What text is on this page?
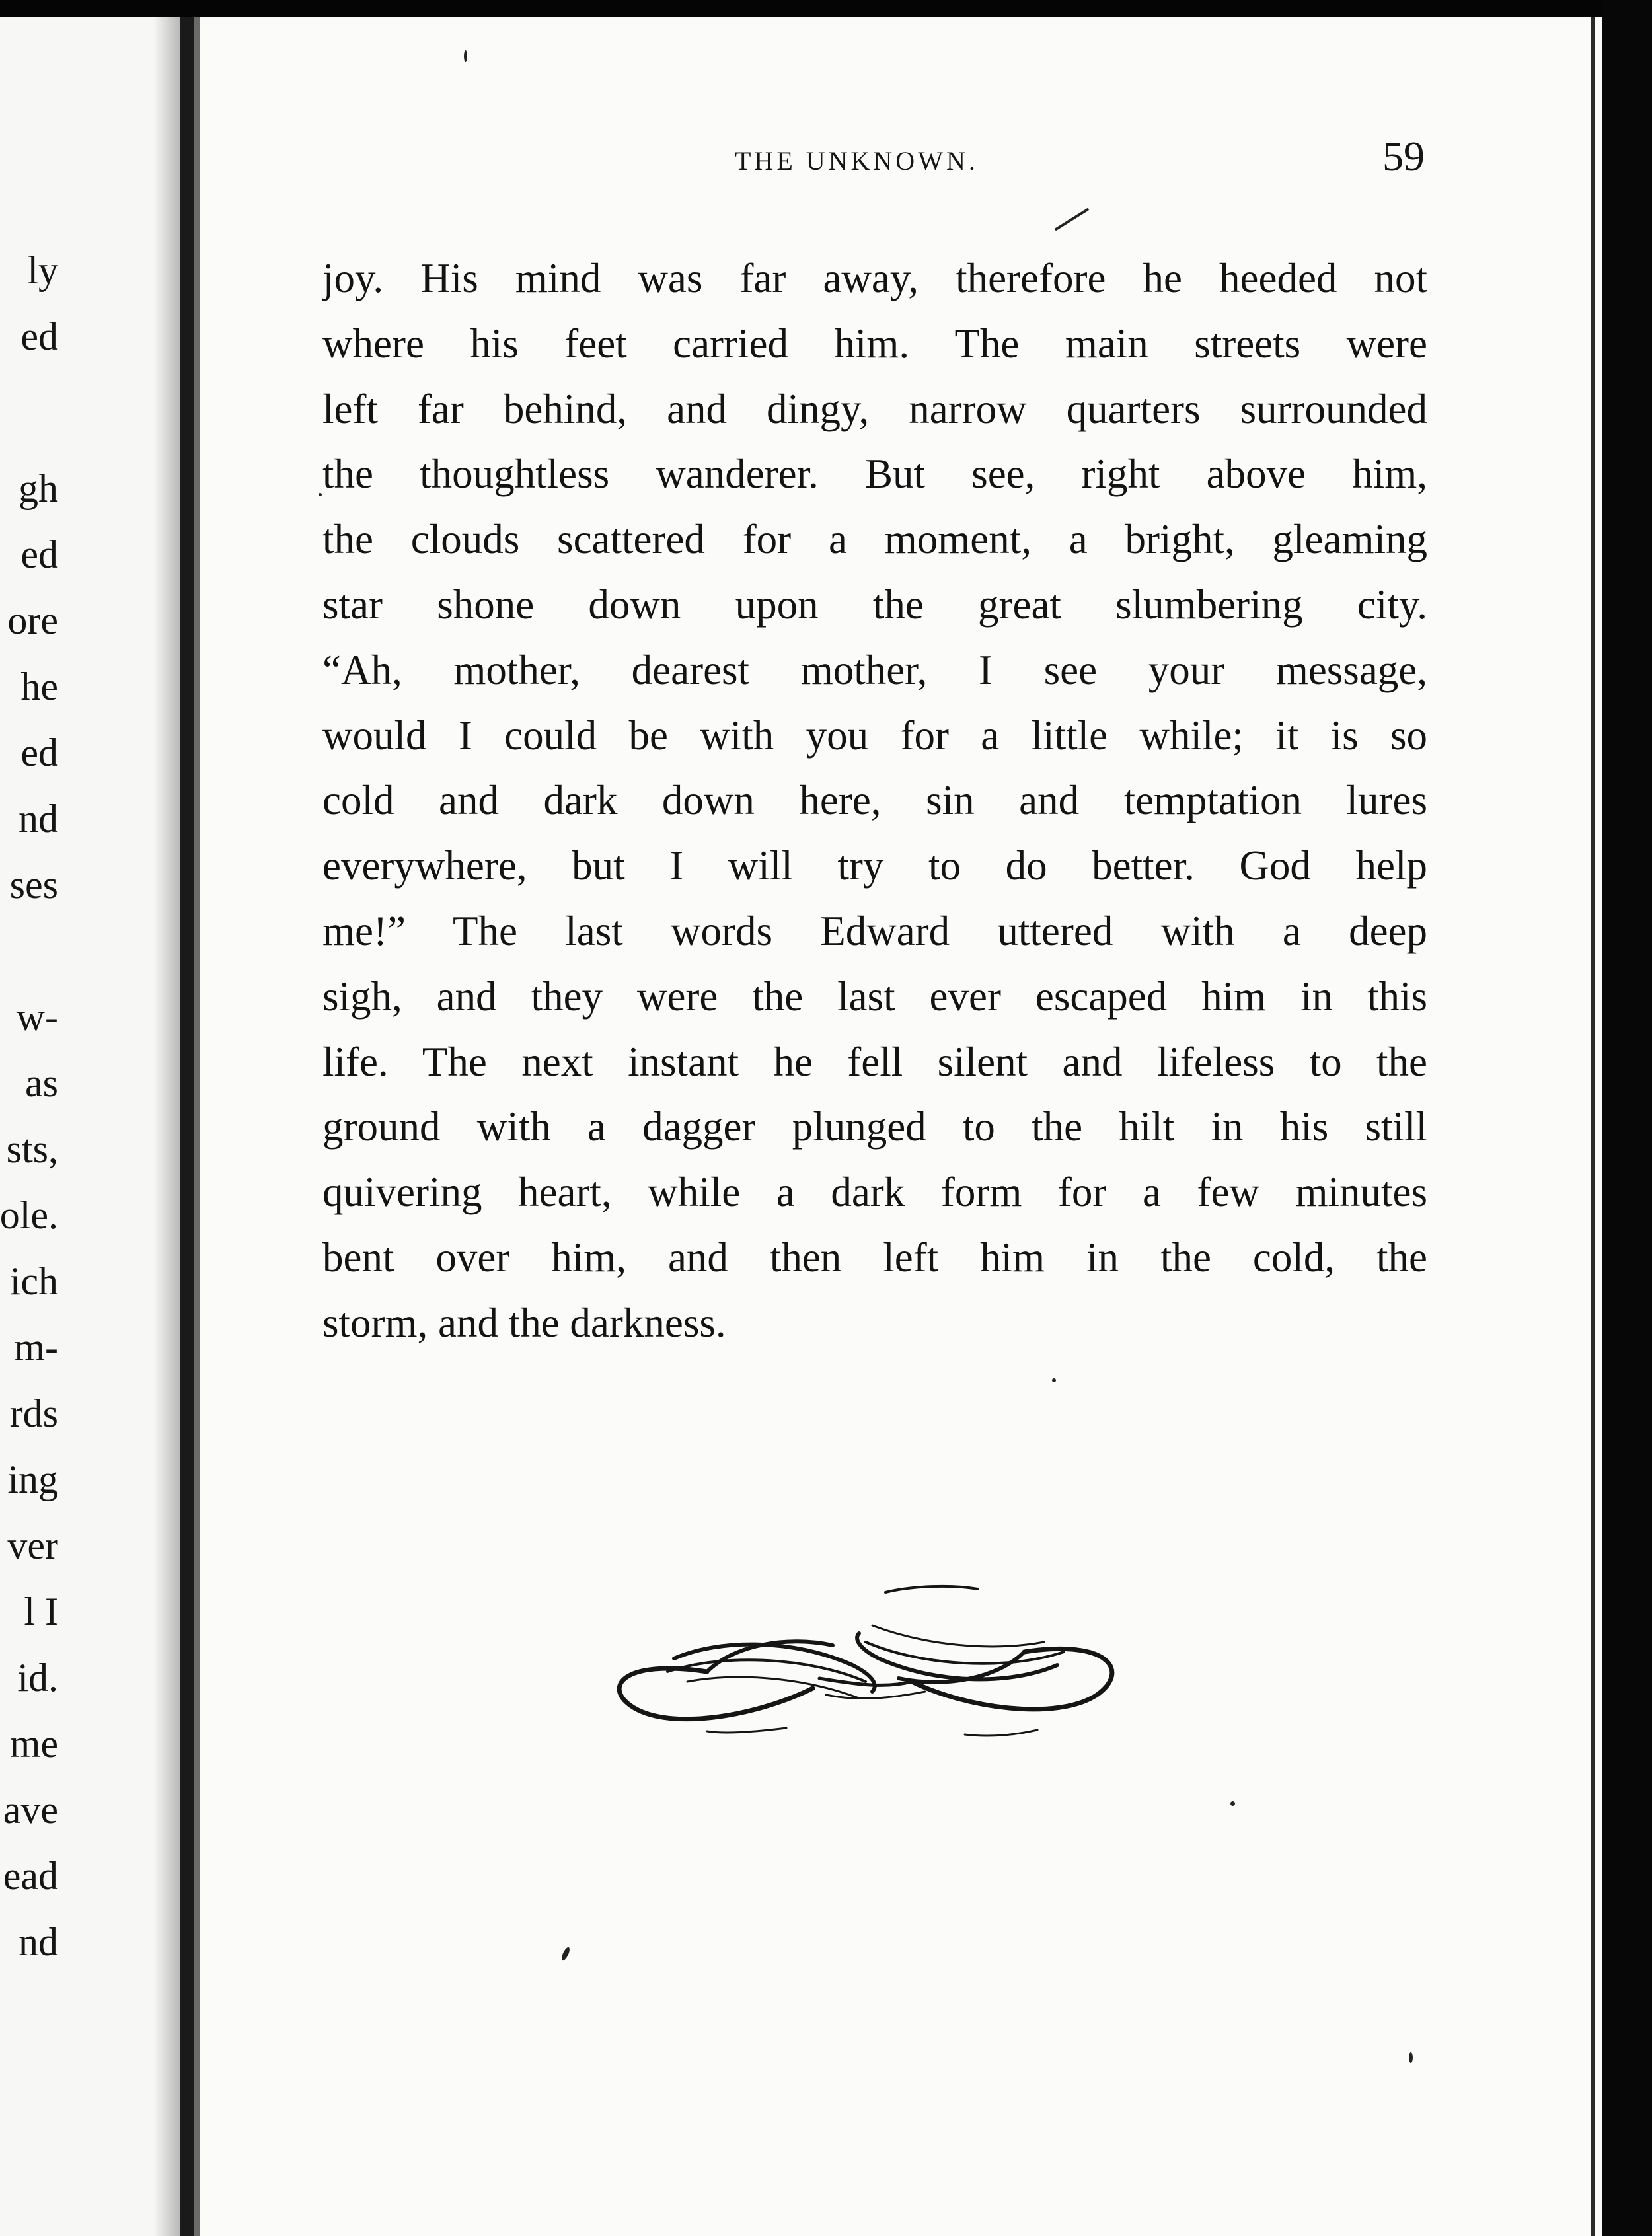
ly
ed
gh
ed
ore
he
ed
nd
ses
w-
as
sts,
ole.
ich
m-
rds
ing
ver
l I
id.
me
ave
ead
nd
THE UNKNOWN.	59
joy. His mind was far away, therefore he heeded not
where his feet carried him. The main streets were
left far behind, and dingy, narrow quarters surrounded
the thoughtless wanderer. But see, right above him,
the clouds scattered for a moment, a bright, gleaming
star shone down upon the great slumbering city.
“Ah, mother, dearest mother, I see your message,
would I could be with you for a little while; it is so
cold and dark down here, sin and temptation lures
everywhere, but I will try to do better. God help
me!” The last words Edward uttered with a deep
sigh, and they were the last ever escaped him in this
life. The next instant he fell silent and lifeless to the
ground with a dagger plunged to the hilt in his still
quivering heart, while a dark form for a few minutes
bent over him, and then left him in the cold, the
storm, and the darkness.
